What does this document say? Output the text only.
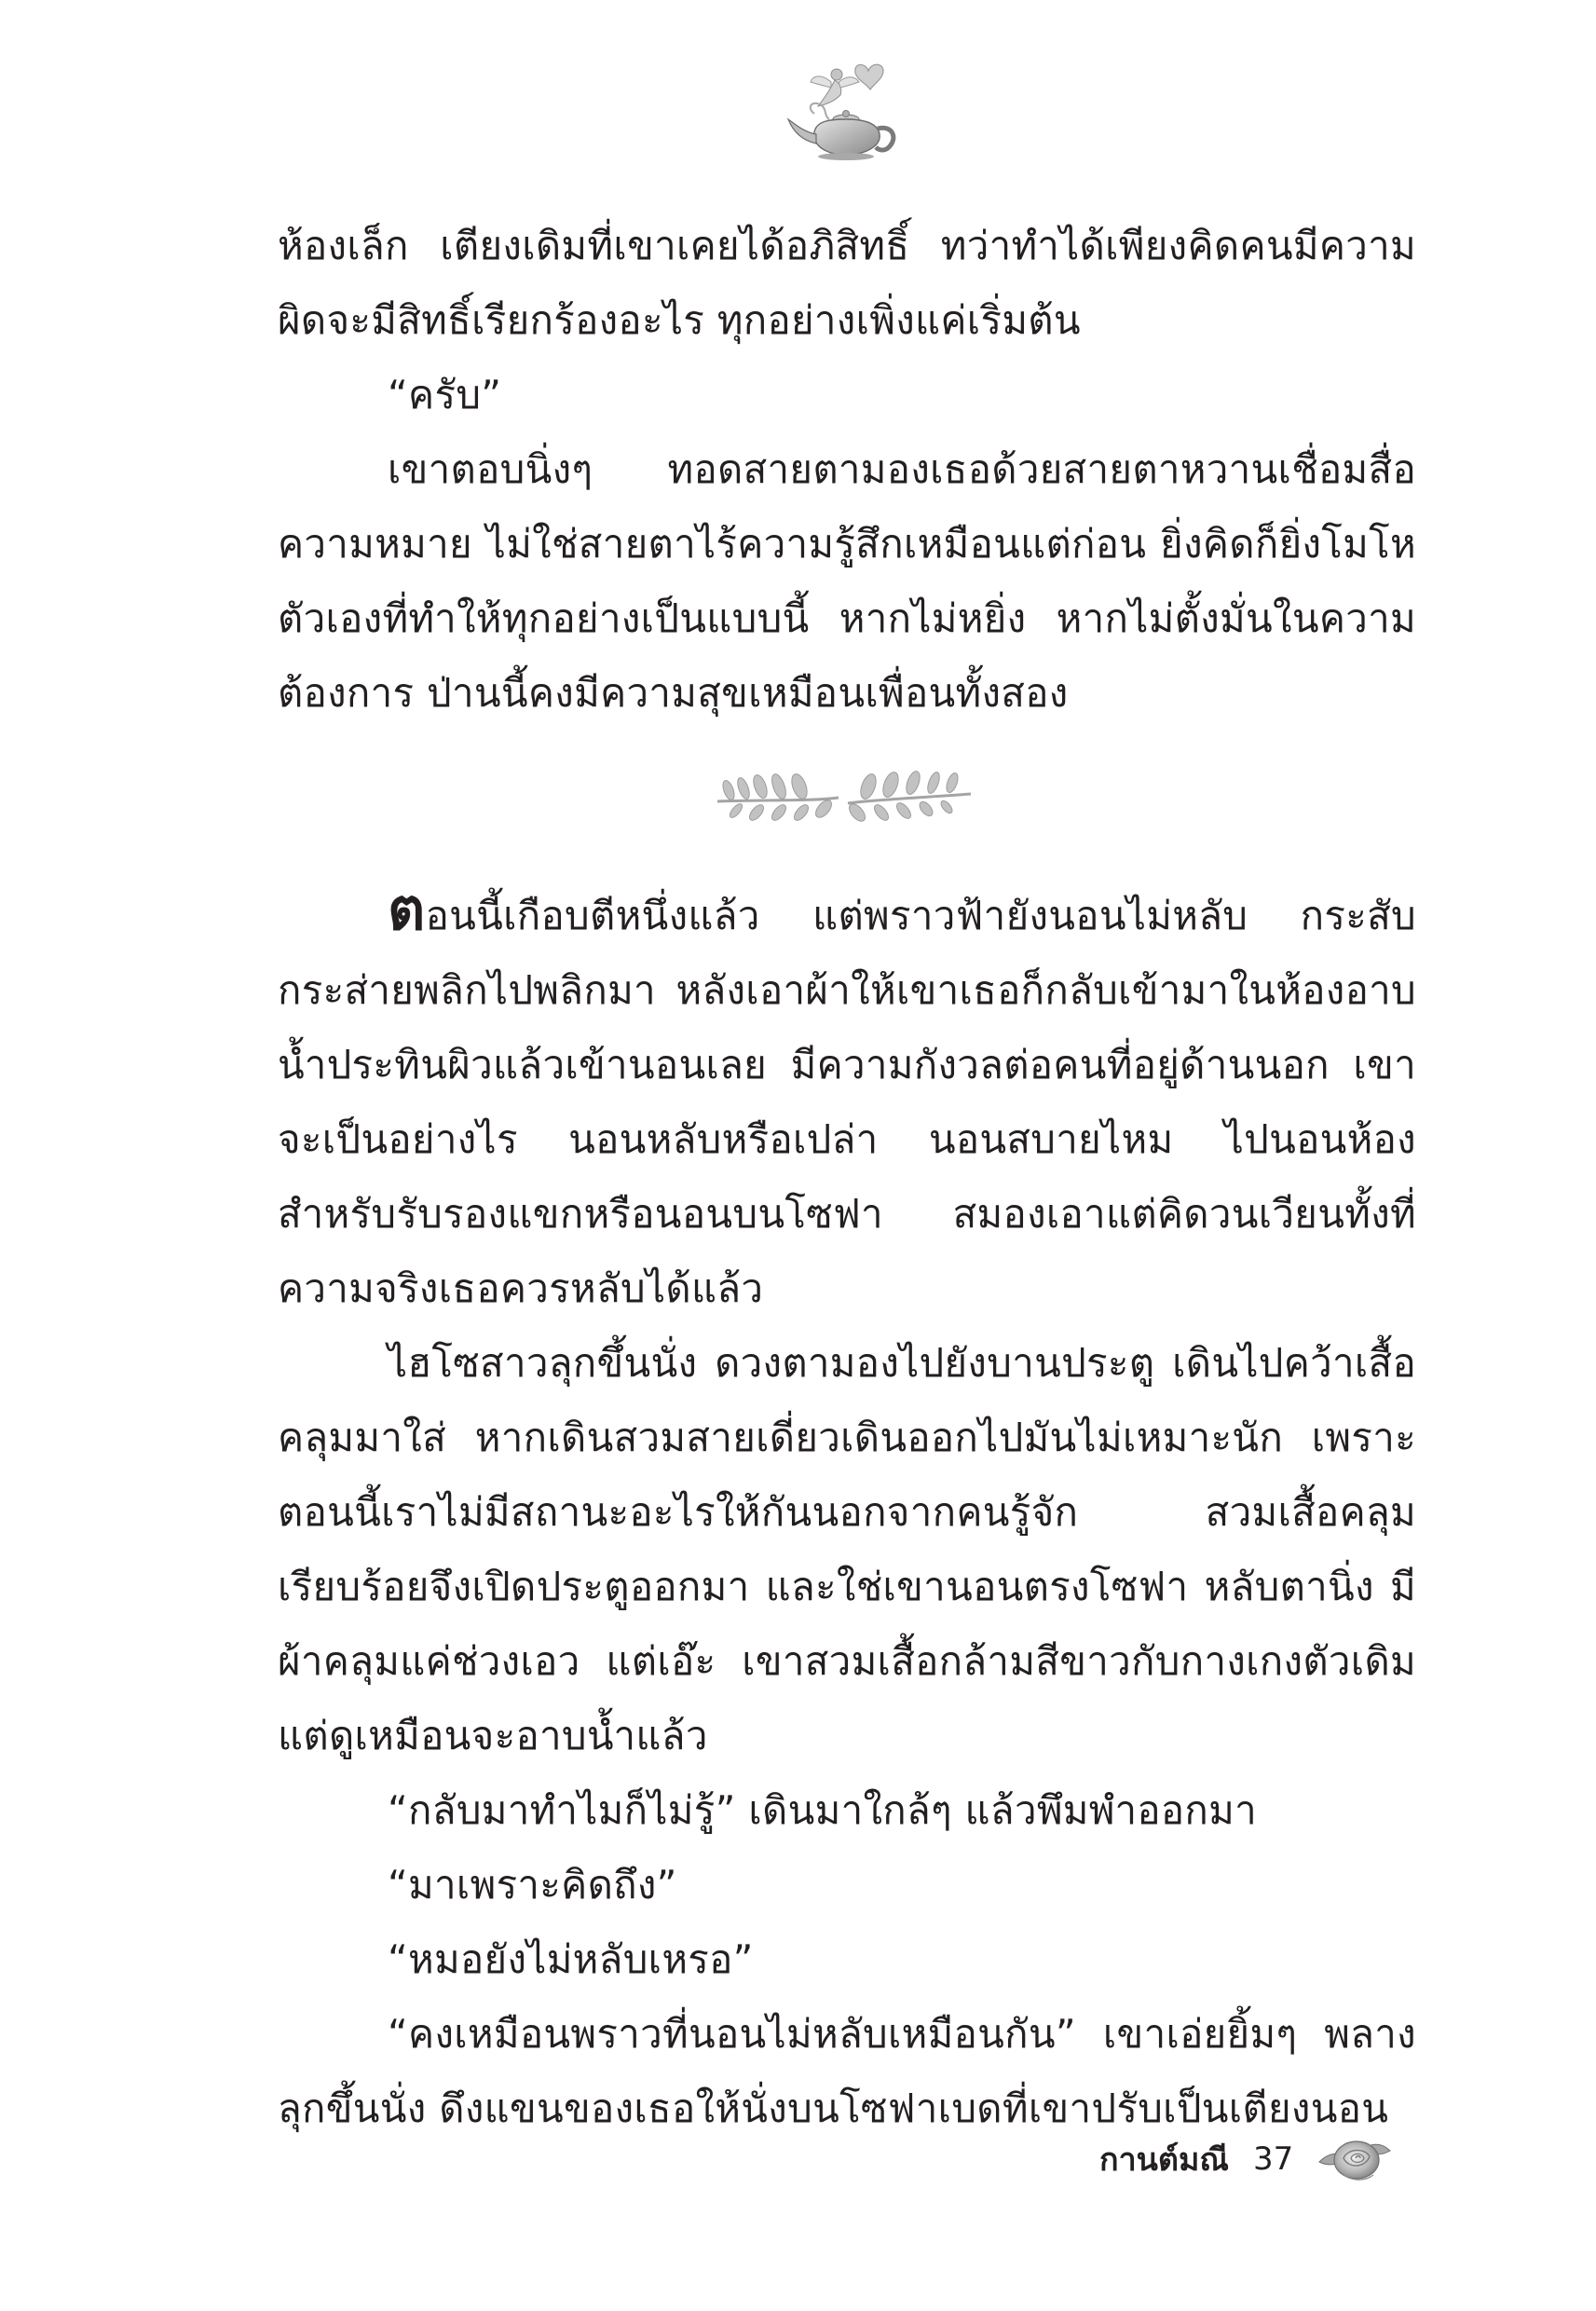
ห้องเล็ก เตียงเดิมที่เขาเคยได้อภิสิทธิ์ ทว่าทำได้เพียงคิดคนมีความผิดจะมีสิทธิ์เรียกร้องอะไร ทุกอย่างเพิ่งแค่เริ่มต้น

“ครับ”

เขาตอบนิ่งๆ ทอดสายตามองเธอด้วยสายตาหวานเชื่อมสื่อความหมาย ไม่ใช่สายตาไร้ความรู้สึกเหมือนแต่ก่อน ยิ่งคิดก็ยิ่งโมโหตัวเองที่ทำให้ทุกอย่างเป็นแบบนี้ หากไม่หยิ่ง หากไม่ตั้งมั่นในความต้องการ ป่านนี้คงมีความสุขเหมือนเพื่อนทั้งสอง

ตอนนี้เกือบตีหนึ่งแล้ว แต่พราวฟ้ายังนอนไม่หลับ กระสับกระส่ายพลิกไปพลิกมา หลังเอาผ้าให้เขาเธอก็กลับเข้ามาในห้องอาบน้ำประทินผิวแล้วเข้านอนเลย มีความกังวลต่อคนที่อยู่ด้านนอก เขาจะเป็นอย่างไร นอนหลับหรือเปล่า นอนสบายไหม ไปนอนห้องสำหรับรับรองแขกหรือนอนบนโซฟา สมองเอาแต่คิดวนเวียนทั้งที่ความจริงเธอควรหลับได้แล้ว

ไฮโซสาวลุกขึ้นนั่ง ดวงตามองไปยังบานประตู เดินไปคว้าเสื้อคลุมมาใส่ หากเดินสวมสายเดี่ยวเดินออกไปมันไม่เหมาะนัก เพราะตอนนี้เราไม่มีสถานะอะไรให้กันนอกจากคนรู้จัก สวมเสื้อคลุมเรียบร้อยจึงเปิดประตูออกมา และใช่เขานอนตรงโซฟา หลับตานิ่ง มีผ้าคลุมแค่ช่วงเอว แต่เอ๊ะ เขาสวมเสื้อกล้ามสีขาวกับกางเกงตัวเดิม แต่ดูเหมือนจะอาบน้ำแล้ว

“กลับมาทำไมก็ไม่รู้” เดินมาใกล้ๆ แล้วพึมพำออกมา

“มาเพราะคิดถึง”

“หมอยังไม่หลับเหรอ”

“คงเหมือนพราวที่นอนไม่หลับเหมือนกัน” เขาเอ่ยยิ้มๆ พลางลุกขึ้นนั่ง ดึงแขนของเธอให้นั่งบนโซฟาเบดที่เขาปรับเป็นเตียงนอน

กานต์มณี 37
